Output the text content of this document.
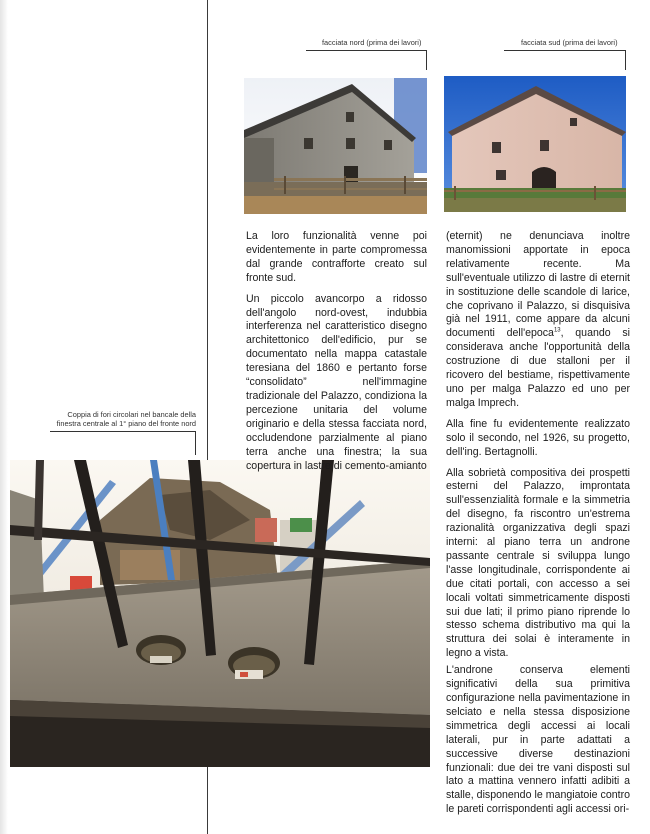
facciata nord (prima dei lavori)	facciata sud (prima dei lavori)
Coppia di fori circolari nel bancale della
finestra centrale al 1° piano del fronte nord

La loro funzionalità venne poi evidentemente in parte compromessa dal grande contrafforte creato sul fronte sud.

Un piccolo avancorpo a ridosso dell'angolo nord-ovest, indubbia interferenza nel caratteristico disegno architettonico dell'edificio, pur se documentato nella mappa catastale teresiana del 1860 e pertanto forse “consolidato” nell'immagine tradizionale del Palazzo, condiziona la percezione unitaria del volume originario e della stessa facciata nord, occludendone parzialmente al piano terra anche una finestra; la sua copertura in lastre di cemento-amianto

(eternit) ne denunciava inoltre manomissioni apportate in epoca relativamente recente. Ma sull'eventuale utilizzo di lastre di eternit in sostituzione delle scandole di larice, che coprivano il Palazzo, si disquisiva già nel 1911, come appare da alcuni documenti dell'epoca$^{13}$, quando si considerava anche l'opportunità della costruzione di due stalloni per il ricovero del bestiame, rispettivamente uno per malga Palazzo ed uno per malga Imprech.

Alla fine fu evidentemente realizzato solo il secondo, nel 1926, su progetto, dell'ing. Bertagnolli.

Alla sobrietà compositiva dei prospetti esterni del Palazzo, improntata sull'essenzialità formale e la simmetria del disegno, fa riscontro un'estrema razionalità organizzativa degli spazi interni: al piano terra un androne passante centrale si sviluppa lungo l'asse longitudinale, corrispondente ai due citati portali, con accesso a sei locali voltati simmetricamente disposti sui due lati; il primo piano riprende lo stesso schema distributivo ma qui la struttura dei solai è interamente in legno a vista.

L'androne conserva elementi significativi della sua primitiva configurazione nella pavimentazione in selciato e nella stessa disposizione simmetrica degli accessi ai locali laterali, pur in parte adattati a successive diverse destinazioni funzionali: due dei tre vani disposti sul lato a mattina vennero infatti adibiti a stalle, disponendo le mangiatoie contro le pareti corrispondenti agli accessi ori-
